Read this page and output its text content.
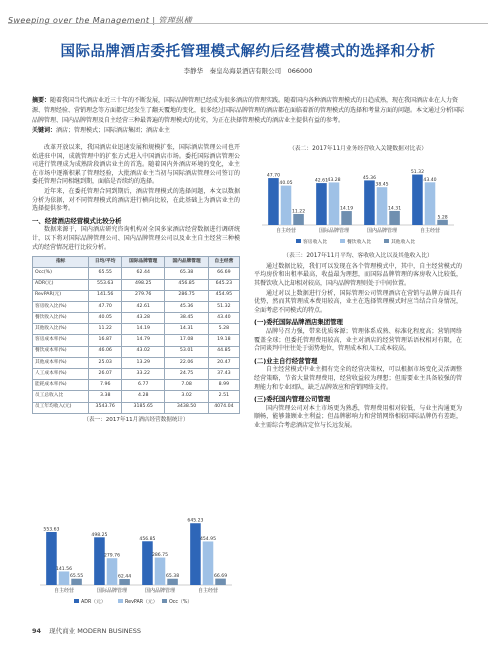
Sweeping over the Management | 管理纵横
国际品牌酒店委托管理模式解约后经营模式的选择和分析
李静华　秦皇岛海景酒店有限公司　066000
摘要：随着我国当代酒店业近三十年的不断发展，国际品牌管理已经成为很多酒店的管理实践。随着国内各种酒店管理模式的日趋成熟，现在我国酒店业在人力资源、管理经验、营销理念等方面都已经发生了翻天覆地的变化，很多经过国际品牌管理的酒店都在面临着新的管理模式的选择和考量方面的问题。本文通过分析国际品牌管理、国内品牌管理及自主经营三种最普遍的管理模式的优劣，为正在抉择管理模式的酒店业主提供有益的参考。
关键词：酒店；管理模式；国际酒店集团；酒店业主

改革开放以来，我国酒店业迅速发展和规模扩张，国际酒店管理公司也开始进驻中国，成就管理中的扩张方式进入中国酒店市场。委托国际酒店管理公司进行管理成为成熟阶段酒店业主的首选。随着国内外酒店环境的变化，业主在市场中逐渐积累了管理经验，大批酒店业主当初与国际酒店管理公司签订的委托管理合同相继到期，面临是否续约的选择。

近年来，在委托管理合同到期后，酒店管理模式的选择问题，本文以数据分析为依据，对不同管理模式的酒店进行横向比较，在此基础上为酒店业主的选择提供参考。

一、经营酒店经营模式比较分析

数据来源于，国内酒店研究咨询机构对全国多家酒店经营数据进行调研统计，以下将对国际品牌管理公司、国内品牌管理公司以及业主自主经营三种模式的经营情况进行比较分析。

指标	日均/平均	国际品牌管理	国内品牌管理	自主经营
Occ(%)	65.55	62.44	65.38	66.69
ADR(元)	553.63	498.25	456.85	645.23
RevPAR(元)	141.56	279.76	286.75	454.95
客房收入比(%)	47.70	42.61	45.36	51.32
餐饮收入比(%)	40.05	43.28	38.45	43.40
其他收入比(%)	11.22	14.19	14.31	5.28
客房成本率(%)	16.87	14.79	17.08	19.18
餐饮成本率(%)	46.06	43.02	53.01	44.85
其他成本率(%)	25.03	13.29	22.06	20.47
人工成本率(%)	26.07	33.22	24.75	37.43
能耗成本率(%)	7.96	6.77	7.08	8.99
员工总收入比	3.38	4.28	3.02	2.51
员工年均收入(元)	3543.76	3185.65	3438.50	4074.04
（表一：2017年11月酒店经营数据统计）
（表二：2017年11月业务经营收入关键数据对比表）
47.70
40.05
11.22
自主经营
42.61 43.28
14.19
国际品牌管理
45.36
38.45
14.31
国内品牌管理
51.32
43.40
5.28
自主经营
客房收入比	餐饮收入比	其他收入比
（表三：2017年11月平均、客收收入比以及其他收入比）

通过数据比较，我们可以发现在各个管理模式中，其中，自主经营模式的平均房价和出租率最高，收益最为理想，而国际品牌管理的客房收入比较低，其餐饮收入比却相对较高，国内品牌管理则处于中间位置。

通过对以上数据进行分析，国际管理公司管理酒店在营销与品牌方面具有优势，然而其管理成本费用较高，业主在选择管理模式时应当结合自身情况，全面考虑不同模式的特点。

(一)委托国际品牌酒店集团管理

品牌号召力强，带来优质客源；管理体系成熟、标准化程度高；营销网络覆盖全球；但委托管理费用较高，业主对酒店的经营管理话语权相对有限，在合同谈判中往往处于弱势地位，管理成本和人工成本较高。

(二)业主自行经营管理

自主经营模式中业主拥有完全的经营决策权，可以根据市场变化灵活调整经营策略，节省大量管理费用，经营收益较为理想；但需要业主具备较强的管理能力和专业团队，缺乏品牌效应和营销网络支持。

(三)委托国内管理公司管理

国内管理公司对本土市场更为熟悉，管理费用相对较低，与业主沟通更为顺畅，能够兼顾业主利益；但品牌影响力和营销网络相较国际品牌仍有差距，业主需综合考虑酒店定位与长远发展。

553.63
141.56
65.55
自主经营
498.25
279.76
62.44
国际品牌管理
456.85
286.75
65.38
国内品牌管理
645.23
454.95
66.69
自主经营
ADR（元）	RevPAR（元） Occ（%）
94 现代商业 MODERN BUSINESS
